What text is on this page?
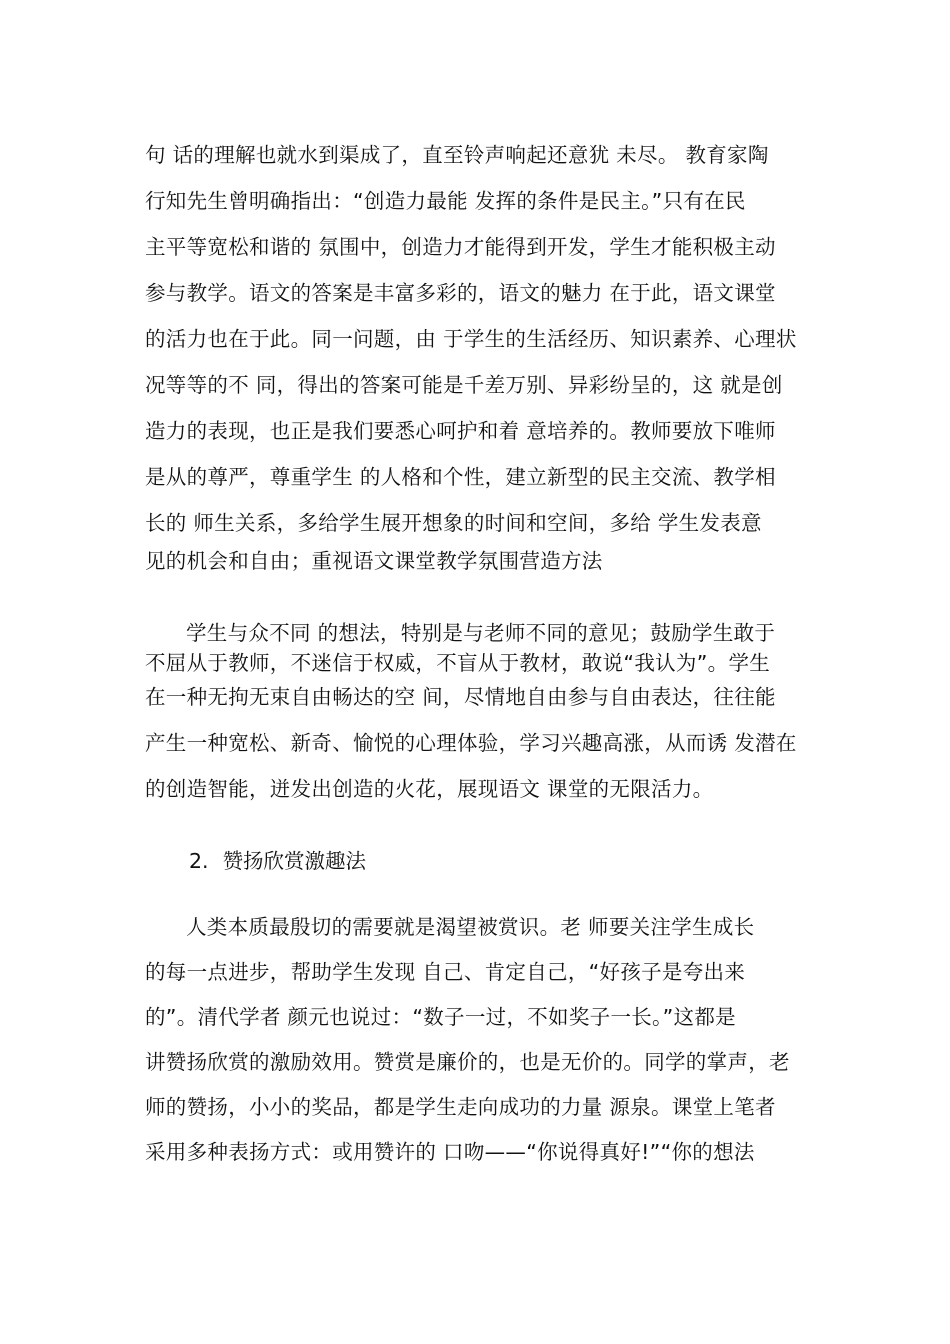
句 话的理解也就水到渠成了，直至铃声响起还意犹 未尽。 教育家陶
行知先生曾明确指出：“创造力最能 发挥的条件是民主。”只有在民
主平等宽松和谐的 氛围中，创造力才能得到开发，学生才能积极主动
参与教学。语文的答案是丰富多彩的，语文的魅力 在于此，语文课堂
的活力也在于此。同一问题，由 于学生的生活经历、知识素养、心理状
况等等的不 同，得出的答案可能是千差万别、异彩纷呈的，这 就是创
造力的表现，也正是我们要悉心呵护和着 意培养的。教师要放下唯师
是从的尊严，尊重学生 的人格和个性，建立新型的民主交流、教学相
长的 师生关系，多给学生展开想象的时间和空间，多给 学生发表意
见的机会和自由；重视语文课堂教学氛围营造方法
学生与众不同 的想法，特别是与老师不同的意见；鼓励学生敢于
不屈从于教师，不迷信于权威，不盲从于教材，敢说“我认为”。学生
在一种无拘无束自由畅达的空 间，尽情地自由参与自由表达，往往能
产生一种宽松、新奇、愉悦的心理体验，学习兴趣高涨，从而诱 发潜在
的创造智能，迸发出创造的火花，展现语文 课堂的无限活力。
2. 赞扬欣赏激趣法
人类本质最殷切的需要就是渴望被赏识。老 师要关注学生成长
的每一点进步，帮助学生发现 自己、肯定自己，“好孩子是夸出来
的”。清代学者 颜元也说过：“数子一过，不如奖子一长。”这都是
讲赞扬欣赏的激励效用。赞赏是廉价的，也是无价的。同学的掌声，老
师的赞扬，小小的奖品，都是学生走向成功的力量 源泉。课堂上笔者
采用多种表扬方式：或用赞许的 口吻——“你说得真好!”“你的想法
